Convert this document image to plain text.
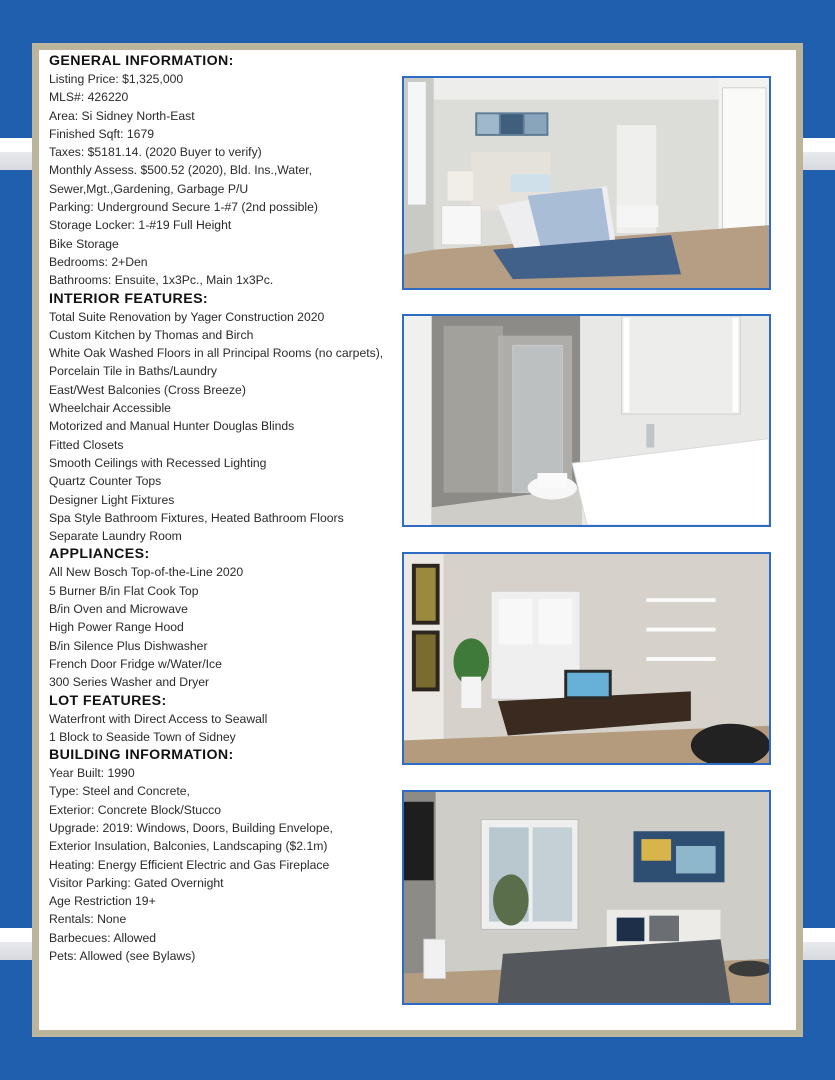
GENERAL INFORMATION:
Listing Price: $1,325,000
MLS#: 426220
Area: Si Sidney North-East
Finished Sqft: 1679
Taxes: $5181.14. (2020 Buyer to verify)
Monthly Assess. $500.52 (2020), Bld. Ins.,Water,
Sewer,Mgt.,Gardening, Garbage P/U
Parking: Underground Secure 1-#7 (2nd possible)
Storage Locker: 1-#19 Full Height
Bike Storage
Bedrooms: 2+Den
Bathrooms: Ensuite, 1x3Pc., Main 1x3Pc.
INTERIOR FEATURES:
Total Suite Renovation by Yager Construction 2020
Custom Kitchen by Thomas and Birch
White Oak Washed Floors in all Principal Rooms (no carpets),
Porcelain Tile in Baths/Laundry
East/West Balconies (Cross Breeze)
Wheelchair Accessible
Motorized and Manual Hunter Douglas Blinds
Fitted Closets
Smooth Ceilings with Recessed Lighting
Quartz Counter Tops
Designer Light Fixtures
Spa Style Bathroom Fixtures, Heated Bathroom Floors
Separate Laundry Room
APPLIANCES:
All New Bosch Top-of-the-Line 2020
5 Burner B/in Flat Cook Top
B/in Oven and Microwave
High Power Range Hood
B/in Silence Plus Dishwasher
French Door Fridge w/Water/Ice
300 Series Washer and Dryer
LOT FEATURES:
Waterfront with Direct Access to Seawall
1 Block to Seaside Town of Sidney
BUILDING INFORMATION:
Year Built: 1990
Type: Steel and Concrete,
Exterior: Concrete Block/Stucco
Upgrade: 2019: Windows, Doors, Building Envelope,
Exterior Insulation, Balconies, Landscaping ($2.1m)
Heating: Energy Efficient Electric and Gas Fireplace
Visitor Parking: Gated Overnight
Age Restriction 19+
Rentals: None
Barbecues: Allowed
Pets: Allowed (see Bylaws)
